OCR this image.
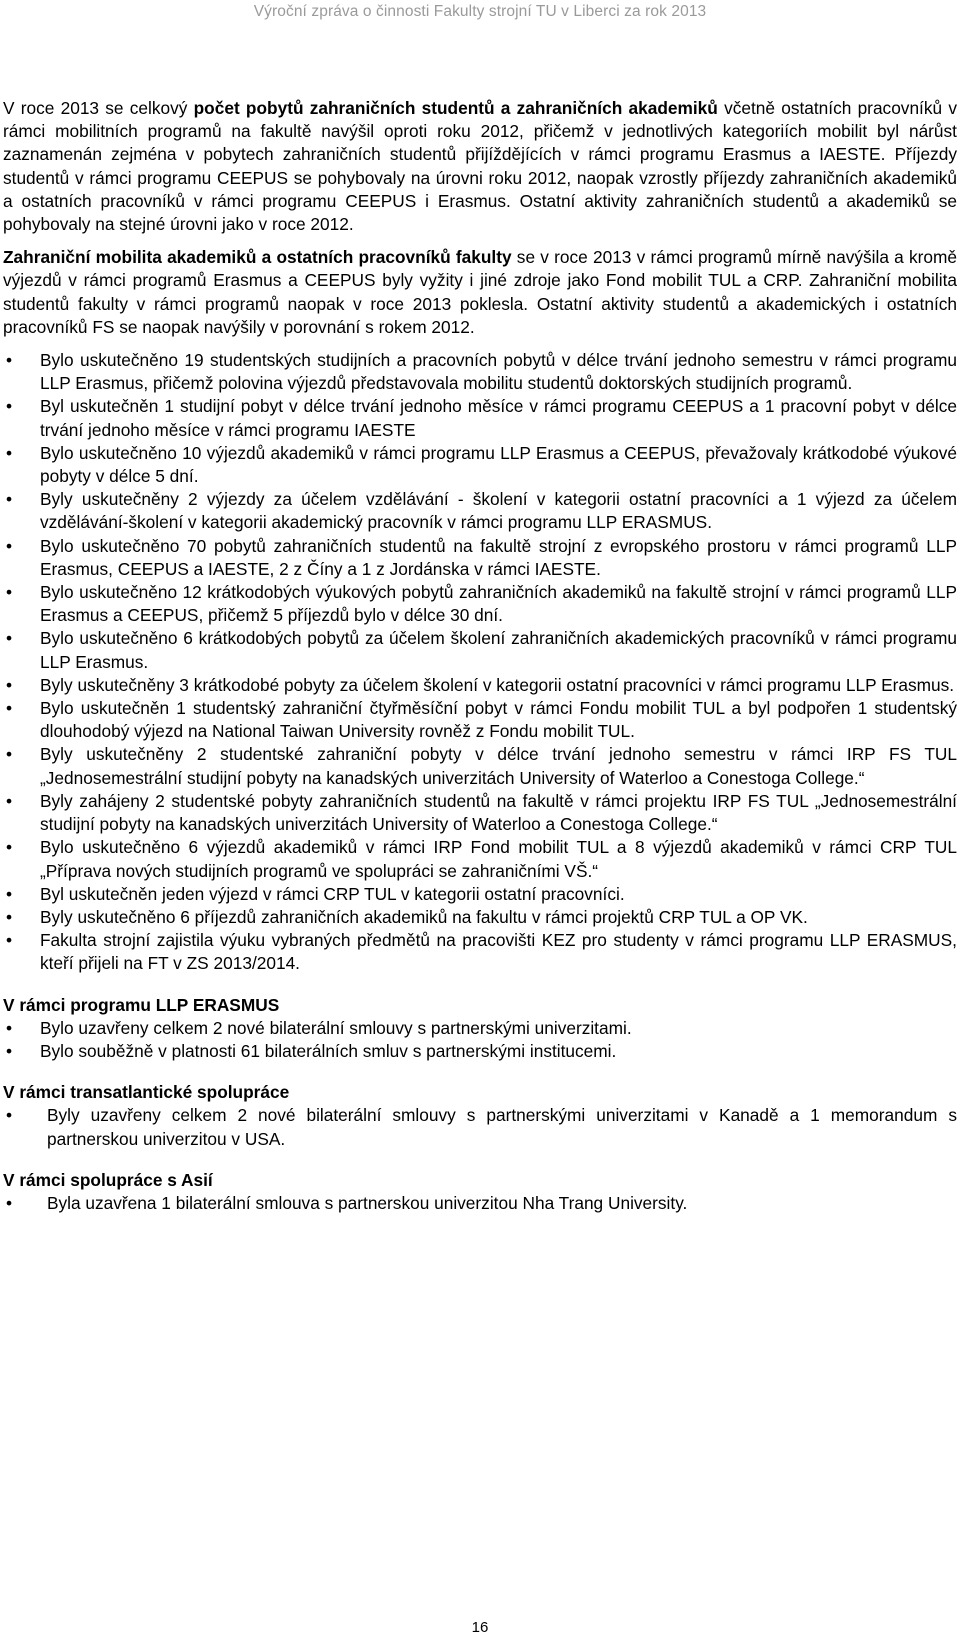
Výroční zpráva o činnosti Fakulty strojní TU v Liberci za rok 2013

V roce 2013 se celkový počet pobytů zahraničních studentů a zahraničních akademiků včetně ostatních pracovníků v rámci mobilitních programů na fakultě navýšil oproti roku 2012, přičemž v jednotlivých kategoriích mobilit byl nárůst zaznamenán zejména v pobytech zahraničních studentů přijíždějících v rámci programu Erasmus a IAESTE. Příjezdy studentů v rámci programu CEEPUS se pohybovaly na úrovni roku 2012, naopak vzrostly příjezdy zahraničních akademiků a ostatních pracovníků v rámci programu CEEPUS i Erasmus. Ostatní aktivity zahraničních studentů a akademiků se pohybovaly na stejné úrovni jako v roce 2012.

Zahraniční mobilita akademiků a ostatních pracovníků fakulty se v roce 2013 v rámci programů mírně navýšila a kromě výjezdů v rámci programů Erasmus a CEEPUS byly vyžity i jiné zdroje jako Fond mobilit TUL a CRP. Zahraniční mobilita studentů fakulty v rámci programů naopak v roce 2013 poklesla. Ostatní aktivity studentů a akademických i ostatních pracovníků FS se naopak navýšily v porovnání s rokem 2012.

• Bylo uskutečněno 19 studentských studijních a pracovních pobytů v délce trvání jednoho semestru v rámci programu LLP Erasmus, přičemž polovina výjezdů představovala mobilitu studentů doktorských studijních programů.
• Byl uskutečněn 1 studijní pobyt v délce trvání jednoho měsíce v rámci programu CEEPUS a 1 pracovní pobyt v délce trvání jednoho měsíce v rámci programu IAESTE
• Bylo uskutečněno 10 výjezdů akademiků v rámci programu LLP Erasmus a CEEPUS, převažovaly krátkodobé výukové pobyty v délce 5 dní.
• Byly uskutečněny 2 výjezdy za účelem vzdělávání - školení v kategorii ostatní pracovníci a 1 výjezd za účelem vzdělávání-školení v kategorii akademický pracovník v rámci programu LLP ERASMUS.
• Bylo uskutečněno 70 pobytů zahraničních studentů na fakultě strojní z evropského prostoru v rámci programů LLP Erasmus, CEEPUS a IAESTE, 2 z Číny a 1 z Jordánska v rámci IAESTE.
• Bylo uskutečněno 12 krátkodobých výukových pobytů zahraničních akademiků na fakultě strojní v rámci programů LLP Erasmus a CEEPUS, přičemž 5 příjezdů bylo v délce 30 dní.
• Bylo uskutečněno 6 krátkodobých pobytů za účelem školení zahraničních akademických pracovníků v rámci programu LLP Erasmus.
• Byly uskutečněny 3 krátkodobé pobyty za účelem školení v kategorii ostatní pracovníci v rámci programu LLP Erasmus.
• Bylo uskutečněn 1 studentský zahraniční čtyřměsíční pobyt v rámci Fondu mobilit TUL a byl podpořen 1 studentský dlouhodobý výjezd na National Taiwan University rovněž z Fondu mobilit TUL.
• Byly uskutečněny 2 studentské zahraniční pobyty v délce trvání jednoho semestru v rámci IRP FS TUL „Jednosemestrální studijní pobyty na kanadských univerzitách University of Waterloo a Conestoga College.“
• Byly zahájeny 2 studentské pobyty zahraničních studentů na fakultě v rámci projektu IRP FS TUL „Jednosemestrální studijní pobyty na kanadských univerzitách University of Waterloo a Conestoga College.“
• Bylo uskutečněno 6 výjezdů akademiků v rámci IRP Fond mobilit TUL a 8 výjezdů akademiků v rámci CRP TUL „Příprava nových studijních programů ve spolupráci se zahraničními VŠ.“
• Byl uskutečněn jeden výjezd v rámci CRP TUL v kategorii ostatní pracovníci.
• Byly uskutečněno 6 příjezdů zahraničních akademiků na fakultu v rámci projektů CRP TUL a OP VK.
• Fakulta strojní zajistila výuku vybraných předmětů na pracovišti KEZ pro studenty v rámci programu LLP ERASMUS, kteří přijeli na FT v ZS 2013/2014.
V rámci programu LLP ERASMUS
• Bylo uzavřeny celkem 2 nové bilaterální smlouvy s partnerskými univerzitami.
• Bylo souběžně v platnosti 61 bilaterálních smluv s partnerskými institucemi.
V rámci transatlantické spolupráce
• Byly uzavřeny celkem 2 nové bilaterální smlouvy s partnerskými univerzitami v Kanadě a 1 memorandum s partnerskou univerzitou v USA.
V rámci spolupráce s Asií
• Byla uzavřena 1 bilaterální smlouva s partnerskou univerzitou Nha Trang University.
16
